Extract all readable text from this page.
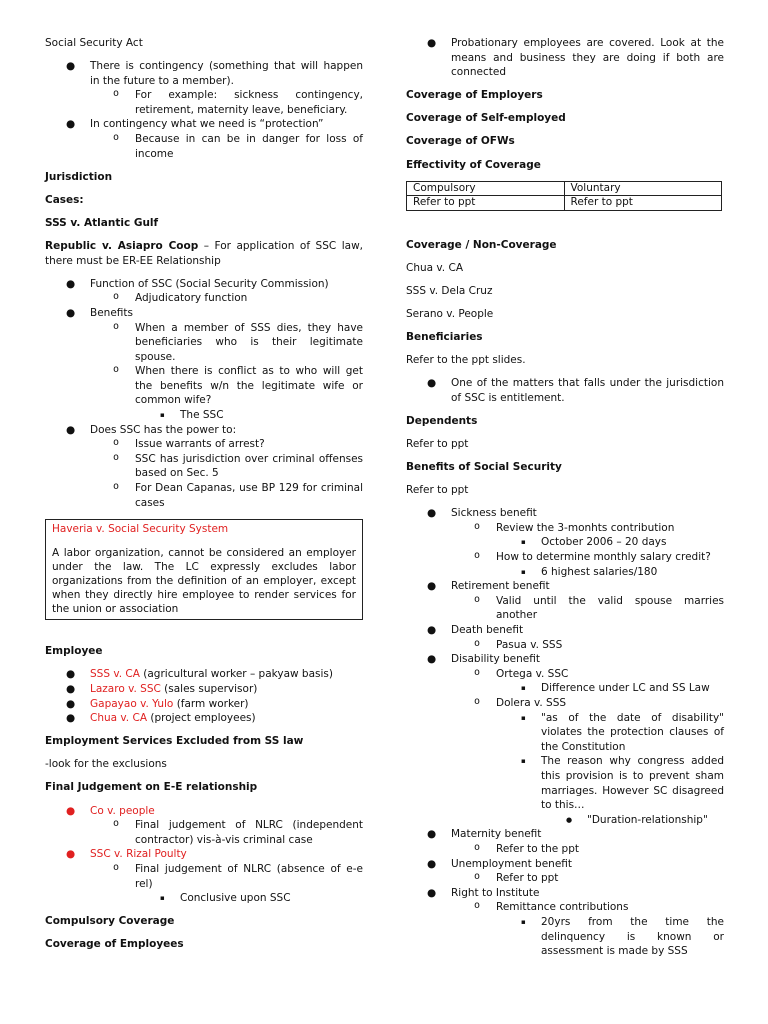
Social Security Act
● There is contingency (something that will happen in the future to a member).
o For example: sickness contingency, retirement, maternity leave, beneficiary.
● In contingency what we need is “protection”
o Because in can be in danger for loss of income
Jurisdiction
Cases:
SSS v. Atlantic Gulf
Republic v. Asiapro Coop – For application of SSC law, there must be ER-EE Relationship
● Function of SSC (Social Security Commission)
o Adjudicatory function
● Benefits
o When a member of SSS dies, they have beneficiaries who is their legitimate spouse.
o When there is conflict as to who will get the benefits w/n the legitimate wife or common wife?
▪ The SSC
● Does SSC has the power to:
o Issue warrants of arrest?
o SSC has jurisdiction over criminal offenses based on Sec. 5
o For Dean Capanas, use BP 129 for criminal cases
Haveria v. Social Security System
A labor organization, cannot be considered an employer under the law. The LC expressly excludes labor organizations from the definition of an employer, except when they directly hire employee to render services for the union or association
Employee
● SSS v. CA (agricultural worker – pakyaw basis)
● Lazaro v. SSC (sales supervisor)
● Gapayao v. Yulo (farm worker)
● Chua v. CA (project employees)
Employment Services Excluded from SS law
-look for the exclusions
Final Judgement on E-E relationship
● Co v. people
o Final judgement of NLRC (independent contractor) vis-à-vis criminal case
● SSC v. Rizal Poulty
o Final judgement of NLRC (absence of e-e rel)
▪ Conclusive upon SSC
Compulsory Coverage
Coverage of Employees
● Probationary employees are covered. Look at the means and business they are doing if both are connected
Coverage of Employers
Coverage of Self-employed
Coverage of OFWs
Effectivity of Coverage
Compulsory	Voluntary
Refer to ppt	Refer to ppt
Coverage / Non-Coverage
Chua v. CA
SSS v. Dela Cruz
Serano v. People
Beneficiaries
Refer to the ppt slides.
● One of the matters that falls under the jurisdiction of SSC is entitlement.
Dependents
Refer to ppt
Benefits of Social Security
Refer to ppt
● Sickness benefit
o Review the 3-monhts contribution
▪ October 2006 – 20 days
o How to determine monthly salary credit?
▪ 6 highest salaries/180
● Retirement benefit
o Valid until the valid spouse marries another
● Death benefit
o Pasua v. SSS
● Disability benefit
o Ortega v. SSC
▪ Difference under LC and SS Law
o Dolera v. SSS
▪ "as of the date of disability" violates the protection clauses of the Constitution
▪ The reason why congress added this provision is to prevent sham marriages. However SC disagreed to this…
● "Duration-relationship"
● Maternity benefit
o Refer to the ppt
● Unemployment benefit
o Refer to ppt
● Right to Institute
o Remittance contributions
▪ 20yrs from the time the delinquency is known or assessment is made by SSS
